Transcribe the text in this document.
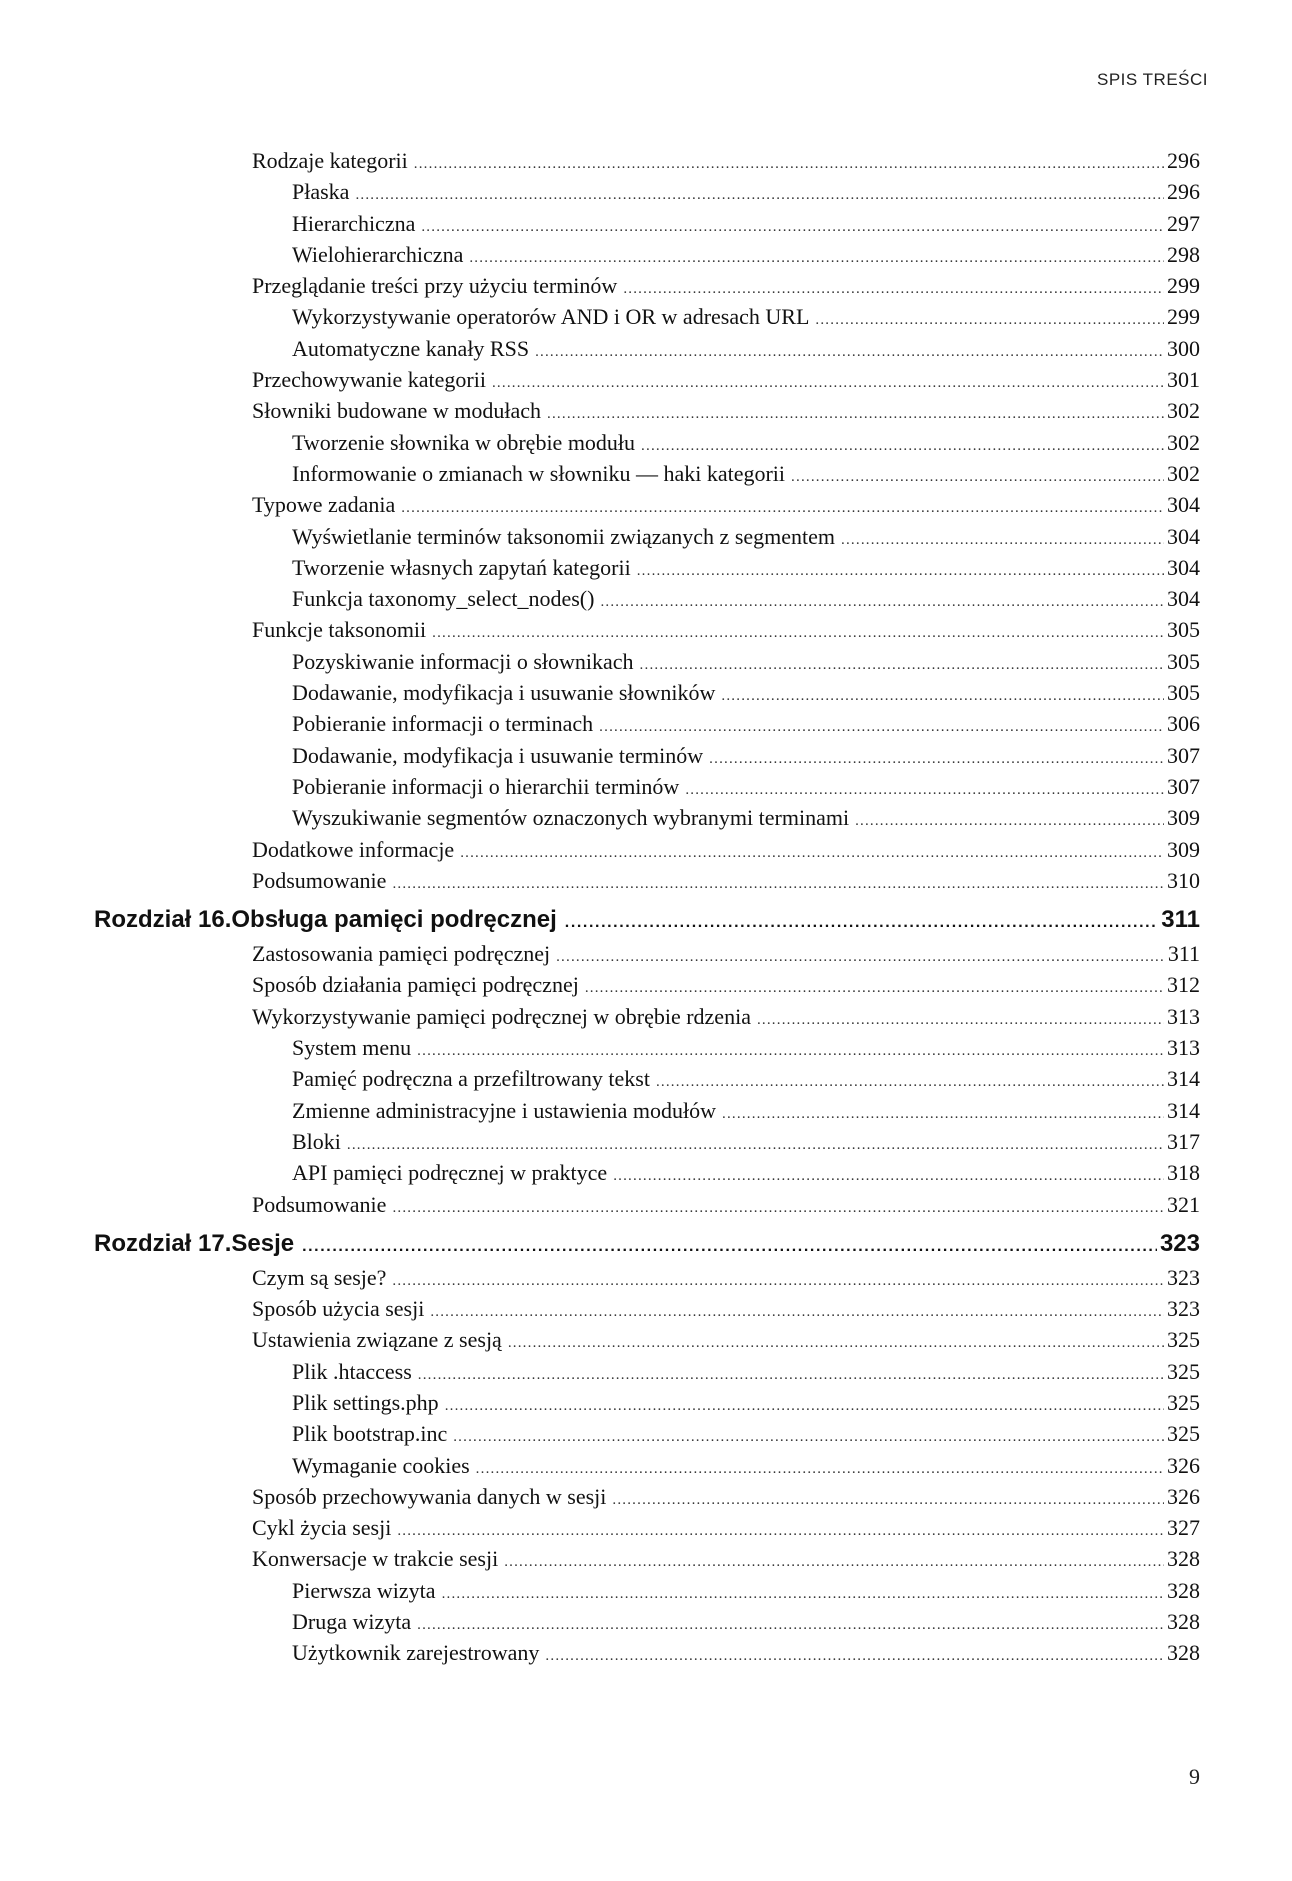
SPIS TREŚCI
Rodzaje kategorii .....	296
Płaska .....	296
Hierarchiczna .....	297
Wielohierarchiczna .....	298
Przeglądanie treści przy użyciu terminów .....	299
Wykorzystywanie operatorów AND i OR w adresach URL .....	299
Automatyczne kanały RSS .....	300
Przechowywanie kategorii .....	301
Słowniki budowane w modułach .....	302
Tworzenie słownika w obrębie modułu .....	302
Informowanie o zmianach w słowniku — haki kategorii .....	302
Typowe zadania .....	304
Wyświetlanie terminów taksonomii związanych z segmentem .....	304
Tworzenie własnych zapytań kategorii .....	304
Funkcja taxonomy_select_nodes() .....	304
Funkcje taksonomii .....	305
Pozyskiwanie informacji o słownikach .....	305
Dodawanie, modyfikacja i usuwanie słowników .....	305
Pobieranie informacji o terminach .....	306
Dodawanie, modyfikacja i usuwanie terminów .....	307
Pobieranie informacji o hierarchii terminów .....	307
Wyszukiwanie segmentów oznaczonych wybranymi terminami .....	309
Dodatkowe informacje .....	309
Podsumowanie .....	310
Rozdział 16. Obsługa pamięci podręcznej .....	311
Zastosowania pamięci podręcznej .....	311
Sposób działania pamięci podręcznej .....	312
Wykorzystywanie pamięci podręcznej w obrębie rdzenia .....	313
System menu .....	313
Pamięć podręczna a przefiltrowany tekst .....	314
Zmienne administracyjne i ustawienia modułów .....	314
Bloki .....	317
API pamięci podręcznej w praktyce .....	318
Podsumowanie .....	321
Rozdział 17. Sesje .....	323
Czym są sesje? .....	323
Sposób użycia sesji .....	323
Ustawienia związane z sesją .....	325
Plik .htaccess .....	325
Plik settings.php .....	325
Plik bootstrap.inc .....	325
Wymaganie cookies .....	326
Sposób przechowywania danych w sesji .....	326
Cykl życia sesji .....	327
Konwersacje w trakcie sesji .....	328
Pierwsza wizyta .....	328
Druga wizyta .....	328
Użytkownik zarejestrowany .....	328
9
